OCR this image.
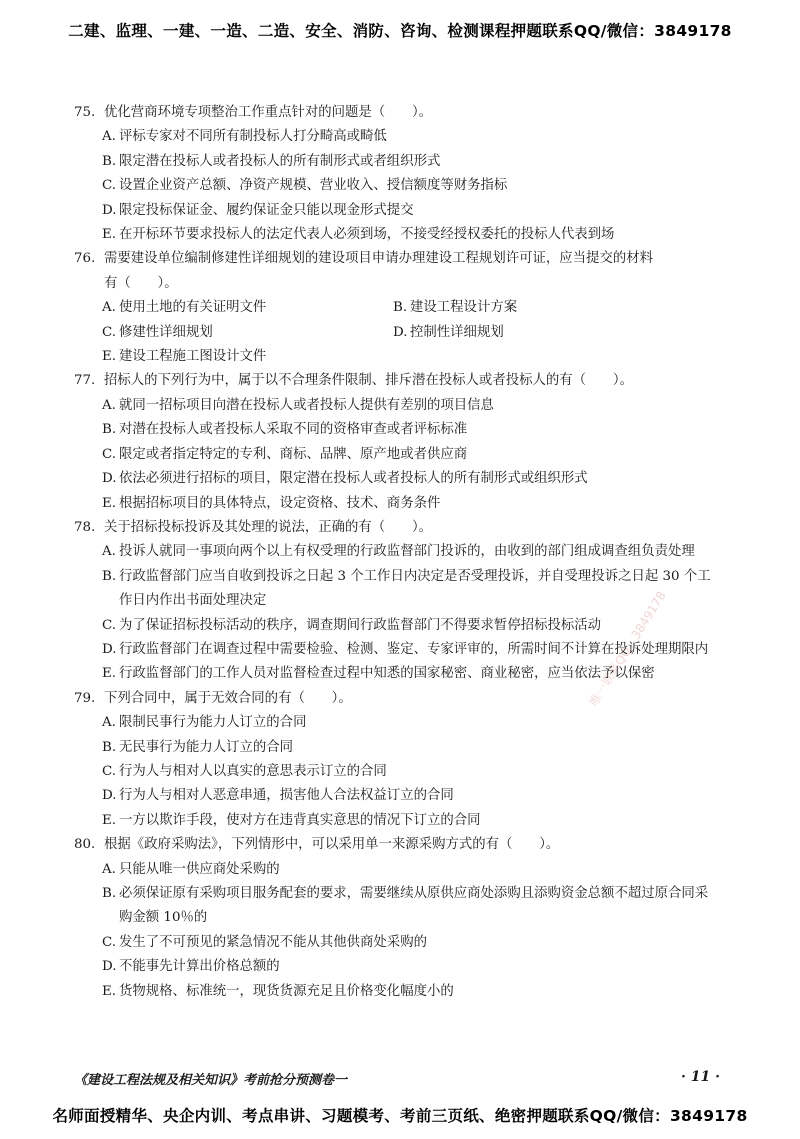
二建、监理、一建、一造、二造、安全、消防、咨询、检测课程押题联系QQ/微信：3849178
75. 优化营商环境专项整治工作重点针对的问题是（　　）。
A. 评标专家对不同所有制投标人打分畸高或畸低
B. 限定潜在投标人或者投标人的所有制形式或者组织形式
C. 设置企业资产总额、净资产规模、营业收入、授信额度等财务指标
D. 限定投标保证金、履约保证金只能以现金形式提交
E. 在开标环节要求投标人的法定代表人必须到场，不接受经授权委托的投标人代表到场
76. 需要建设单位编制修建性详细规划的建设项目申请办理建设工程规划许可证，应当提交的材料
有（　　）。
A. 使用土地的有关证明文件	B. 建设工程设计方案
C. 修建性详细规划	D. 控制性详细规划
E. 建设工程施工图设计文件
77. 招标人的下列行为中，属于以不合理条件限制、排斥潜在投标人或者投标人的有（　　）。
A. 就同一招标项目向潜在投标人或者投标人提供有差别的项目信息
B. 对潜在投标人或者投标人采取不同的资格审查或者评标标准
C. 限定或者指定特定的专利、商标、品牌、原产地或者供应商
D. 依法必须进行招标的项目，限定潜在投标人或者投标人的所有制形式或组织形式
E. 根据招标项目的具体特点，设定资格、技术、商务条件
78. 关于招标投标投诉及其处理的说法，正确的有（　　）。
A. 投诉人就同一事项向两个以上有权受理的行政监督部门投诉的，由收到的部门组成调查组负责处理
B. 行政监督部门应当自收到投诉之日起 3 个工作日内决定是否受理投诉，并自受理投诉之日起 30 个工作日内作出书面处理决定
C. 为了保证招标投标活动的秩序，调查期间行政监督部门不得要求暂停招标投标活动
D. 行政监督部门在调查过程中需要检验、检测、鉴定、专家评审的，所需时间不计算在投诉处理期限内
E. 行政监督部门的工作人员对监督检查过程中知悉的国家秘密、商业秘密，应当依法予以保密
79. 下列合同中，属于无效合同的有（　　）。
A. 限制民事行为能力人订立的合同
B. 无民事行为能力人订立的合同
C. 行为人与相对人以真实的意思表示订立的合同
D. 行为人与相对人恶意串通，损害他人合法权益订立的合同
E. 一方以欺诈手段，使对方在违背真实意思的情况下订立的合同
80. 根据《政府采购法》，下列情形中，可以采用单一来源采购方式的有（　　）。
A. 只能从唯一供应商处采购的
B. 必须保证原有采购项目服务配套的要求，需要继续从原供应商处添购且添购资金总额不超过原合同采购金额 10％的
C. 发生了不可预见的紧急情况不能从其他供商处采购的
D. 不能事先计算出价格总额的
E. 货物规格、标准统一，现货货源充足且价格变化幅度小的
唯一联系QQ：3849178
《建设工程法规及相关知识》考前抢分预测卷一	· 11 ·
名师面授精华、央企内训、考点串讲、习题模考、考前三页纸、绝密押题联系QQ/微信：3849178
